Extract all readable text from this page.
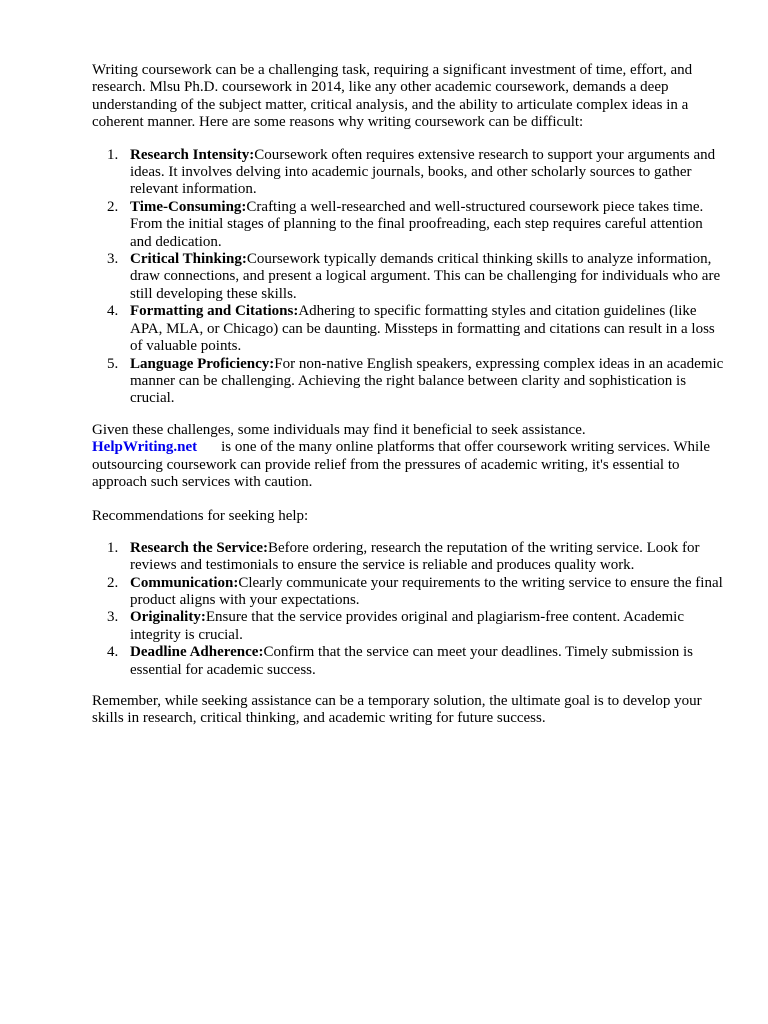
Writing coursework can be a challenging task, requiring a significant investment of time, effort, and research. Mlsu Ph.D. coursework in 2014, like any other academic coursework, demands a deep understanding of the subject matter, critical analysis, and the ability to articulate complex ideas in a coherent manner. Here are some reasons why writing coursework can be difficult:

1. Research Intensity:Coursework often requires extensive research to support your arguments and ideas. It involves delving into academic journals, books, and other scholarly sources to gather relevant information.
2. Time-Consuming:Crafting a well-researched and well-structured coursework piece takes time. From the initial stages of planning to the final proofreading, each step requires careful attention and dedication.
3. Critical Thinking:Coursework typically demands critical thinking skills to analyze information, draw connections, and present a logical argument. This can be challenging for individuals who are still developing these skills.
4. Formatting and Citations:Adhering to specific formatting styles and citation guidelines (like APA, MLA, or Chicago) can be daunting. Missteps in formatting and citations can result in a loss of valuable points.
5. Language Proficiency:For non-native English speakers, expressing complex ideas in an academic manner can be challenging. Achieving the right balance between clarity and sophistication is crucial.

Given these challenges, some individuals may find it beneficial to seek assistance.
HelpWriting.net is one of the many online platforms that offer coursework writing services. While outsourcing coursework can provide relief from the pressures of academic writing, it's essential to approach such services with caution.

Recommendations for seeking help:

1. Research the Service:Before ordering, research the reputation of the writing service. Look for reviews and testimonials to ensure the service is reliable and produces quality work.
2. Communication:Clearly communicate your requirements to the writing service to ensure the final product aligns with your expectations.
3. Originality:Ensure that the service provides original and plagiarism-free content. Academic integrity is crucial.
4. Deadline Adherence:Confirm that the service can meet your deadlines. Timely submission is essential for academic success.

Remember, while seeking assistance can be a temporary solution, the ultimate goal is to develop your skills in research, critical thinking, and academic writing for future success.
